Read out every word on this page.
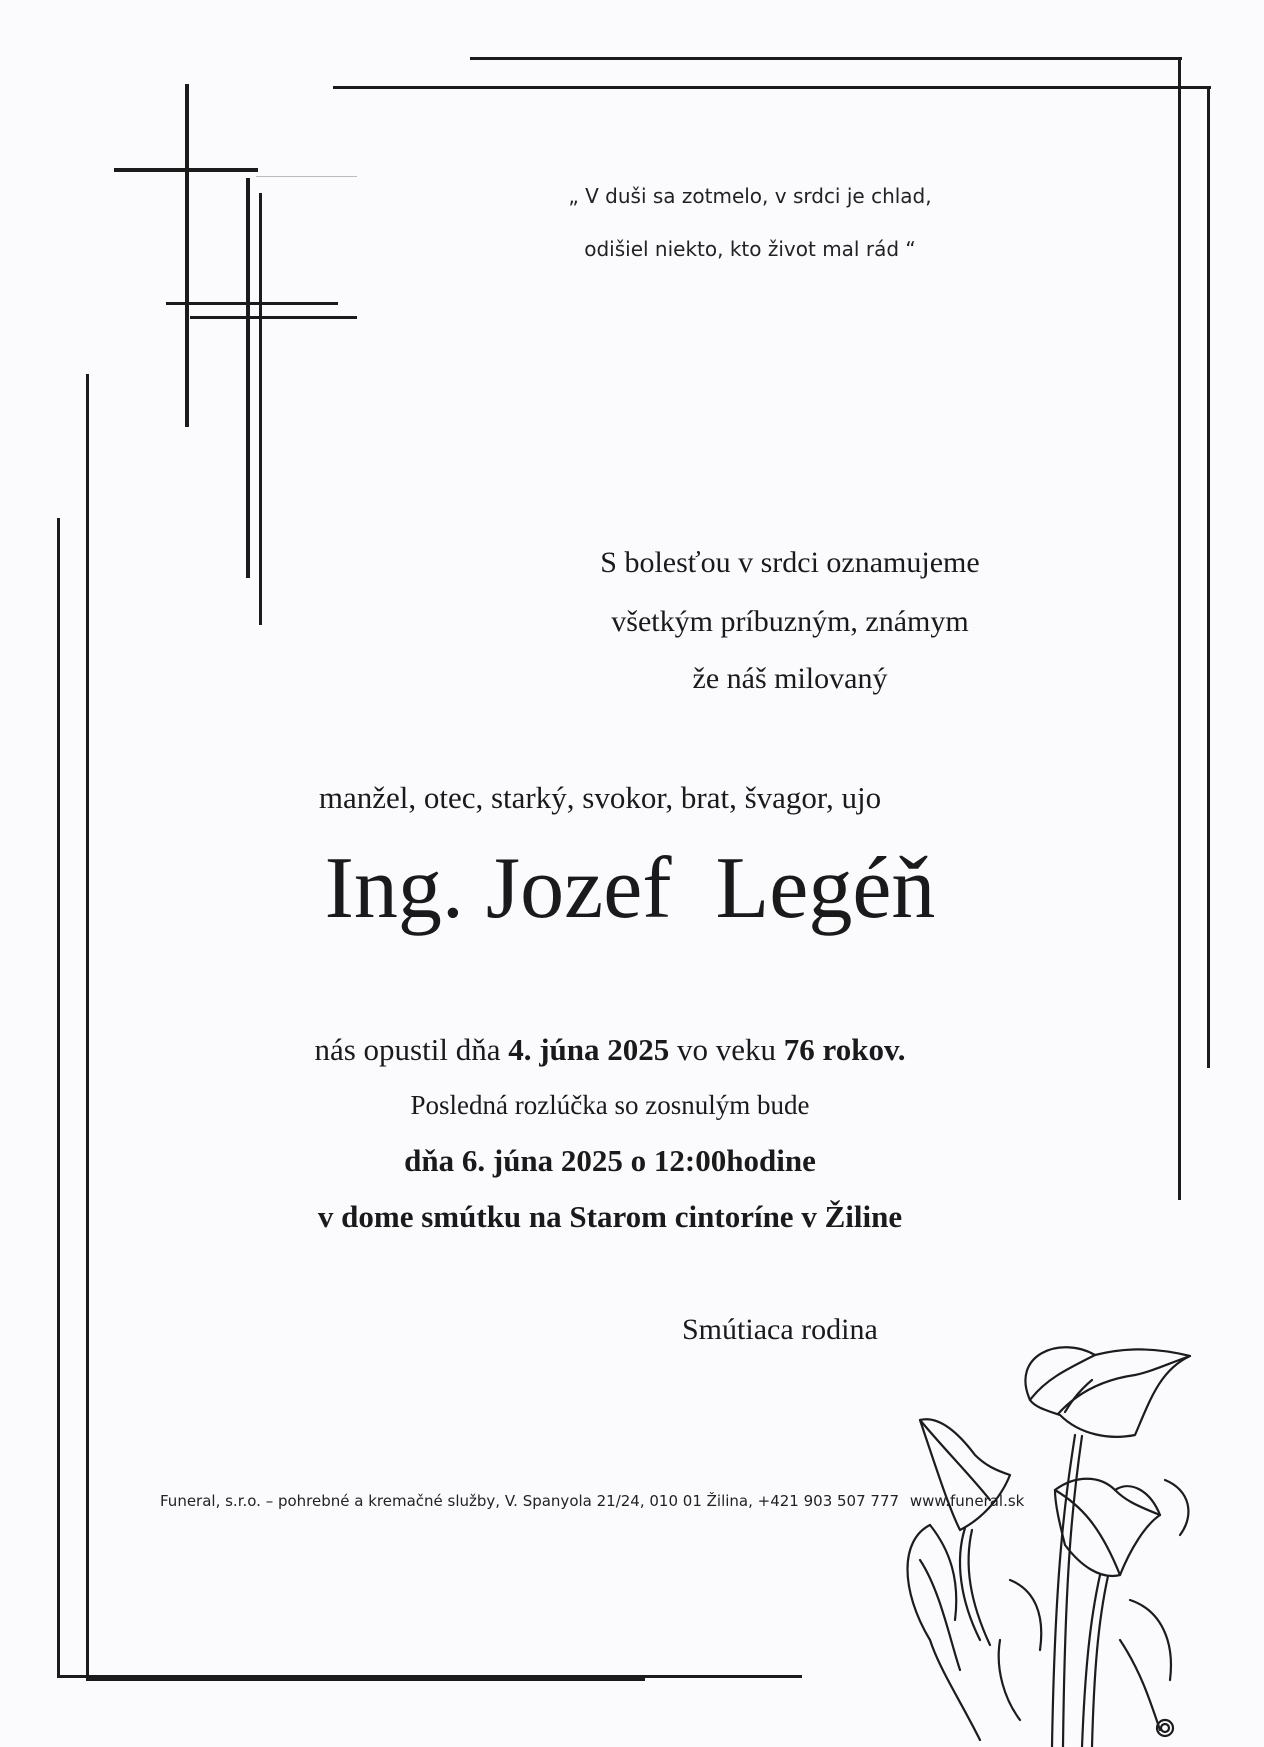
„ V duši sa zotmelo, v srdci je chlad,
odišiel niekto, kto život mal rád “
S bolesťou v srdci oznamujeme
všetkým príbuzným, známym
že náš milovaný
manžel, otec, starký, svokor, brat, švagor, ujo
Ing. Jozef  Legéň
nás opustil dňa 4. júna 2025 vo veku 76 rokov.
Posledná rozlúčka so zosnulým bude
dňa 6. júna 2025 o 12:00hodine
v dome smútku na Starom cintoríne v Žiline
Smútiaca rodina
Funeral, s.r.o. – pohrebné a kremačné služby, V. Spanyola 21/24, 010 01 Žilina, +421 903 507 777 www.funeral.sk
